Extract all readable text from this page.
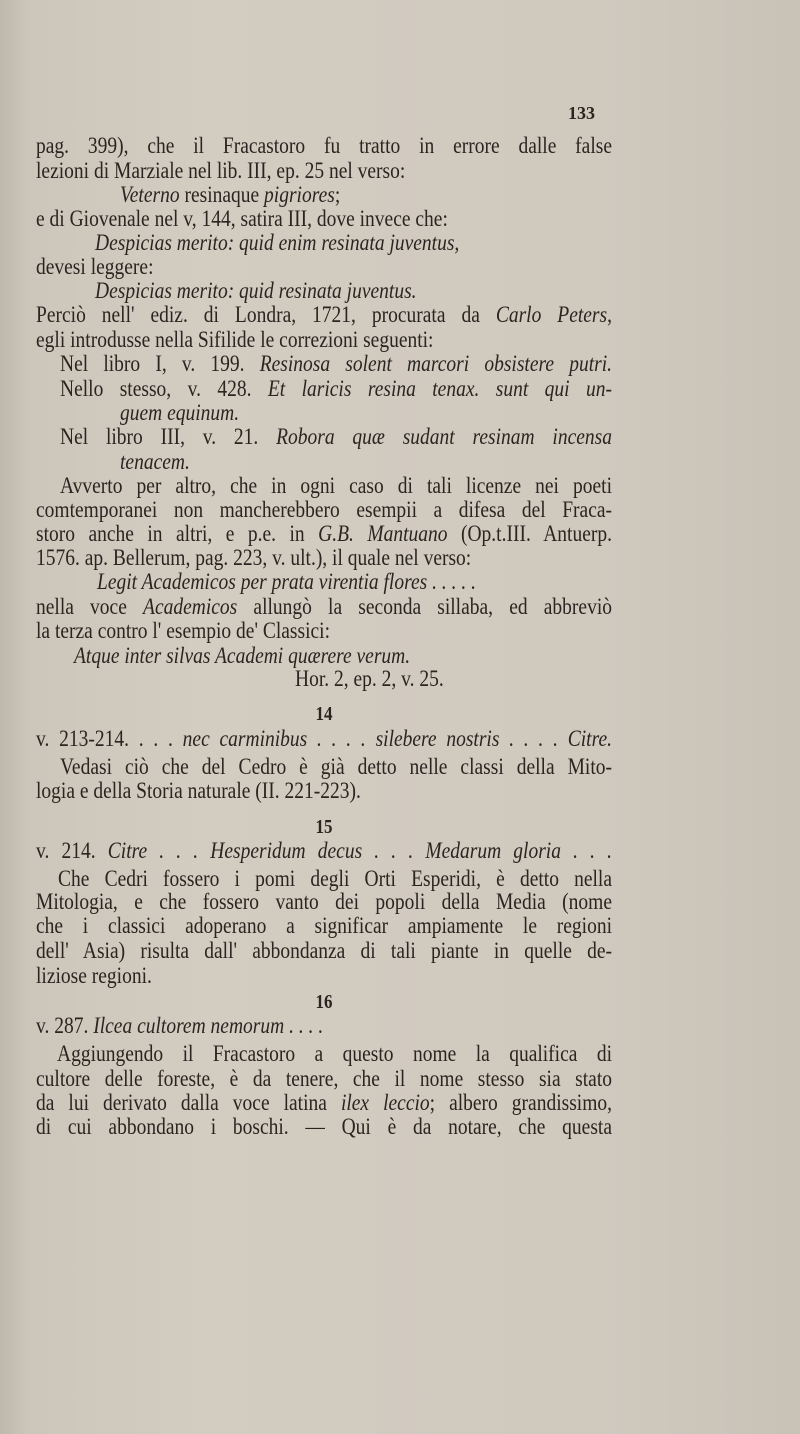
133
pag. 399), che il Fracastoro fu tratto in errore dalle false
lezioni di Marziale nel lib. III, ep. 25 nel verso:
Veterno resinaque pigriores;
e di Giovenale nel v, 144, satira III, dove invece che:
Despicias merito: quid enim resinata juventus,
devesi leggere:
Despicias merito: quid resinata juventus.
Perciò nell' ediz. di Londra, 1721, procurata da Carlo Peters,
egli introdusse nella Sifilide le correzioni seguenti:
Nel libro I, v. 199. Resinosa solent marcori obsistere putri.
Nello stesso, v. 428. Et laricis resina tenax. sunt qui un-
guem equinum.
Nel libro III, v. 21. Robora quæ sudant resinam incensa
tenacem.
Avverto per altro, che in ogni caso di tali licenze nei poeti
comtemporanei non mancherebbero esempii a difesa del Fraca-
storo anche in altri, e p.e. in G.B. Mantuano (Op.t.III. Antuerp.
1576. ap. Bellerum, pag. 223, v. ult.), il quale nel verso:
Legit Academicos per prata virentia flores . . . . .
nella voce Academicos allungò la seconda sillaba, ed abbreviò
la terza contro l' esempio de' Classici:
Atque inter silvas Academi quærere verum.
Hor. 2, ep. 2, v. 25.
14
v. 213-214. . . . nec carminibus . . . . silebere nostris . . . . Citre.
Vedasi ciò che del Cedro è già detto nelle classi della Mito-
logia e della Storia naturale (II. 221-223).
15
v. 214. Citre . . . Hesperidum decus . . . Medarum gloria . . .
Che Cedri fossero i pomi degli Orti Esperidi, è detto nella
Mitologia, e che fossero vanto dei popoli della Media (nome
che i classici adoperano a significar ampiamente le regioni
dell' Asia) risulta dall' abbondanza di tali piante in quelle de-
liziose regioni.
16
v. 287. Ilcea cultorem nemorum . . . .
Aggiungendo il Fracastoro a questo nome la qualifica di
cultore delle foreste, è da tenere, che il nome stesso sia stato
da lui derivato dalla voce latina ilex leccio; albero grandissimo,
di cui abbondano i boschi. — Qui è da notare, che questa
